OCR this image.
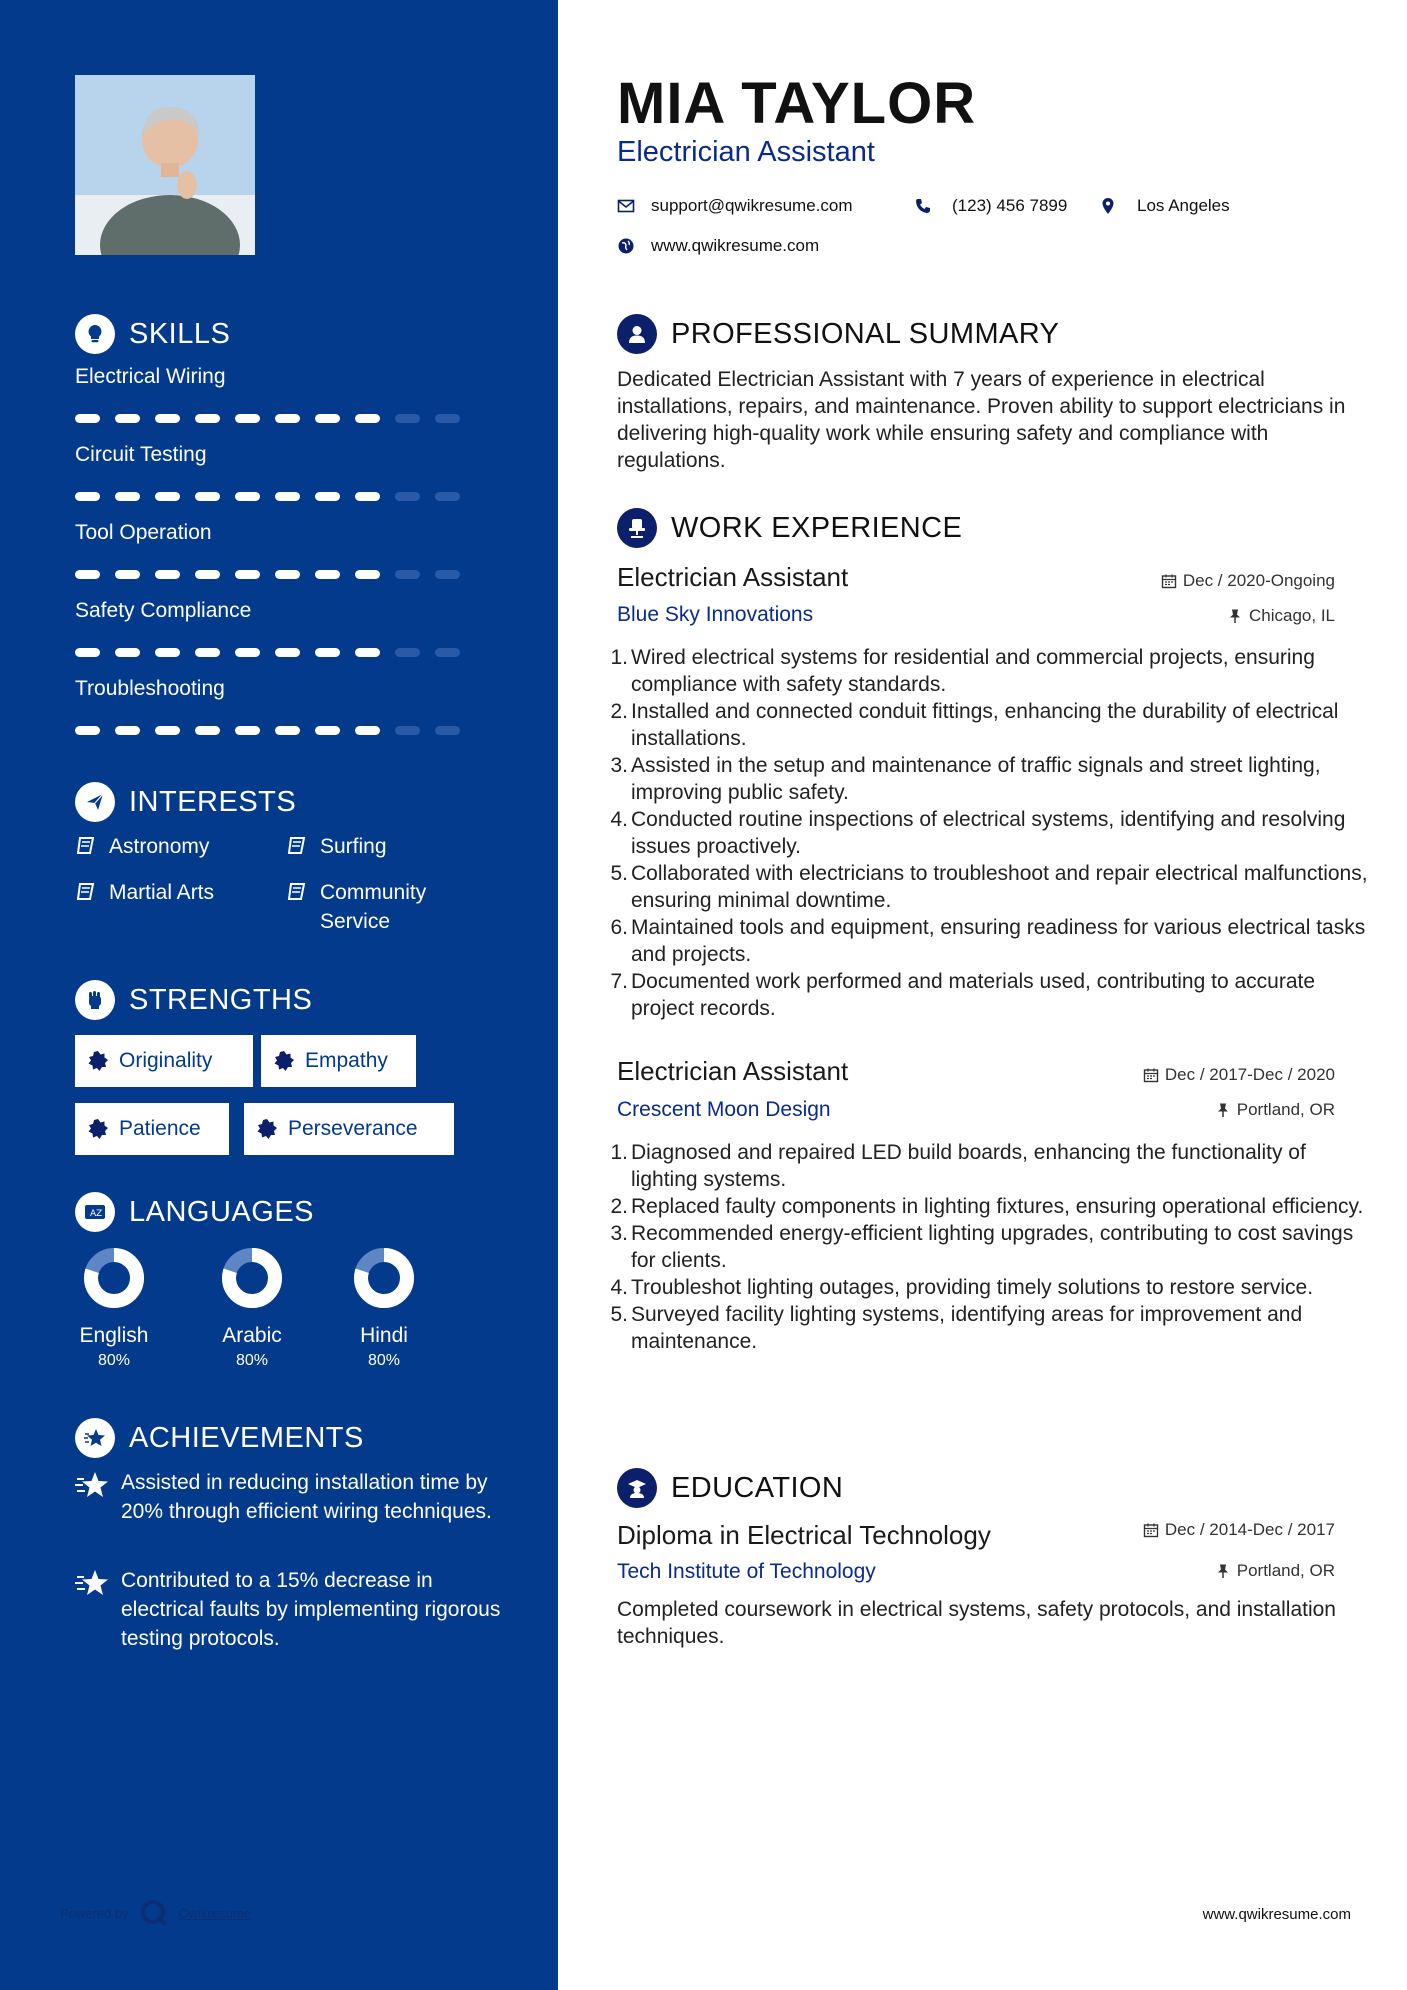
SKILLS
Electrical Wiring
Circuit Testing
Tool Operation
Safety Compliance
Troubleshooting
INTERESTS
Astronomy	Surfing
Martial Arts	Community Service
STRENGTHS
Originality	Empathy
Patience	Perseverance
A Z LANGUAGES
English
80%
Arabic
80%
Hindi
80%
ACHIEVEMENTS
Assisted in reducing installation time by 20% through efficient wiring techniques.
Contributed to a 15% decrease in electrical faults by implementing rigorous testing protocols.
Powered by	Qwikresume
MIA TAYLOR
Electrician Assistant
support@qwikresume.com	(123) 456 7899	Los Angeles
www.qwikresume.com
PROFESSIONAL SUMMARY
Dedicated Electrician Assistant with 7 years of experience in electrical installations, repairs, and maintenance. Proven ability to support electricians in delivering high-quality work while ensuring safety and compliance with regulations.
WORK EXPERIENCE
Electrician Assistant	Dec / 2020-Ongoing
Blue Sky Innovations	Chicago, IL
1. Wired electrical systems for residential and commercial projects, ensuring compliance with safety standards.
2. Installed and connected conduit fittings, enhancing the durability of electrical installations.
3. Assisted in the setup and maintenance of traffic signals and street lighting, improving public safety.
4. Conducted routine inspections of electrical systems, identifying and resolving issues proactively.
5. Collaborated with electricians to troubleshoot and repair electrical malfunctions, ensuring minimal downtime.
6. Maintained tools and equipment, ensuring readiness for various electrical tasks and projects.
7. Documented work performed and materials used, contributing to accurate project records.
Electrician Assistant	Dec / 2017-Dec / 2020
Crescent Moon Design	Portland, OR
1. Diagnosed and repaired LED build boards, enhancing the functionality of lighting systems.
2. Replaced faulty components in lighting fixtures, ensuring operational efficiency.
3. Recommended energy-efficient lighting upgrades, contributing to cost savings for clients.
4. Troubleshot lighting outages, providing timely solutions to restore service.
5. Surveyed facility lighting systems, identifying areas for improvement and maintenance.
EDUCATION
Diploma in Electrical Technology	Dec / 2014-Dec / 2017
Tech Institute of Technology	Portland, OR
Completed coursework in electrical systems, safety protocols, and installation techniques.
www.qwikresume.com
